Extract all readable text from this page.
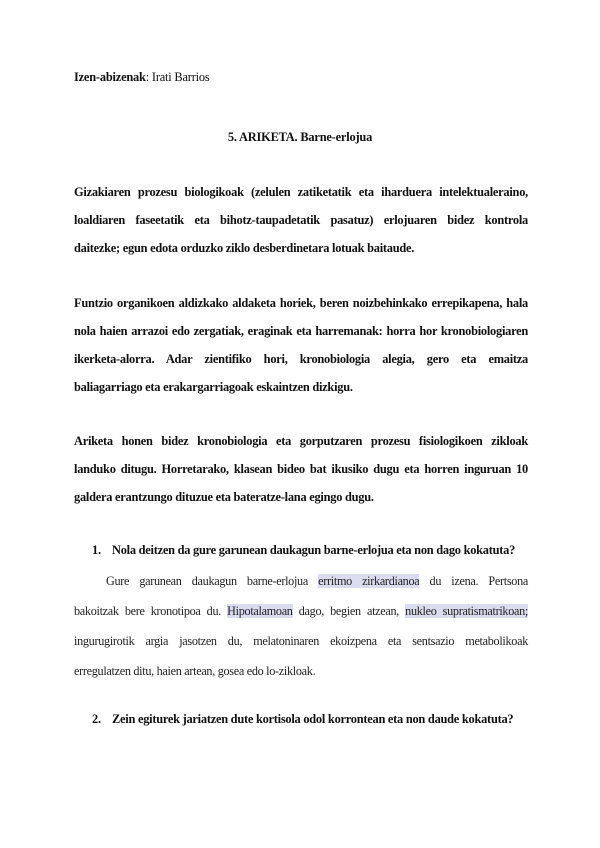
Izen-abizenak: Irati Barrios
5. ARIKETA. Barne-erlojua
Gizakiaren prozesu biologikoak (zelulen zatiketatik eta iharduera intelektualeraino,
loaldiaren faseetatik eta bihotz-taupadetatik pasatuz) erlojuaren bidez kontrola
daitezke; egun edota orduzko ziklo desberdinetara lotuak baitaude.
Funtzio organikoen aldizkako aldaketa horiek, beren noizbehinkako errepikapena, hala
nola haien arrazoi edo zergatiak, eraginak eta harremanak: horra hor kronobiologiaren
ikerketa-alorra. Adar zientifiko hori, kronobiologia alegia, gero eta emaitza
baliagarriago eta erakargarriagoak eskaintzen dizkigu.
Ariketa honen bidez kronobiologia eta gorputzaren prozesu fisiologikoen zikloak
landuko ditugu. Horretarako, klasean bideo bat ikusiko dugu eta horren inguruan 10
galdera erantzungo dituzue eta bateratze-lana egingo dugu.
1. Nola deitzen da gure garunean daukagun barne-erlojua eta non dago kokatuta?
Gure garunean daukagun barne-erlojua erritmo zirkardianoa du izena. Pertsona
bakoitzak bere kronotipoa du. Hipotalamoan dago, begien atzean, nukleo supratismatrikoan;
ingurugirotik argia jasotzen du, melatoninaren ekoizpena eta sentsazio metabolikoak
erregulatzen ditu, haien artean, gosea edo lo-zikloak.
2. Zein egiturek jariatzen dute kortisola odol korrontean eta non daude kokatuta?
